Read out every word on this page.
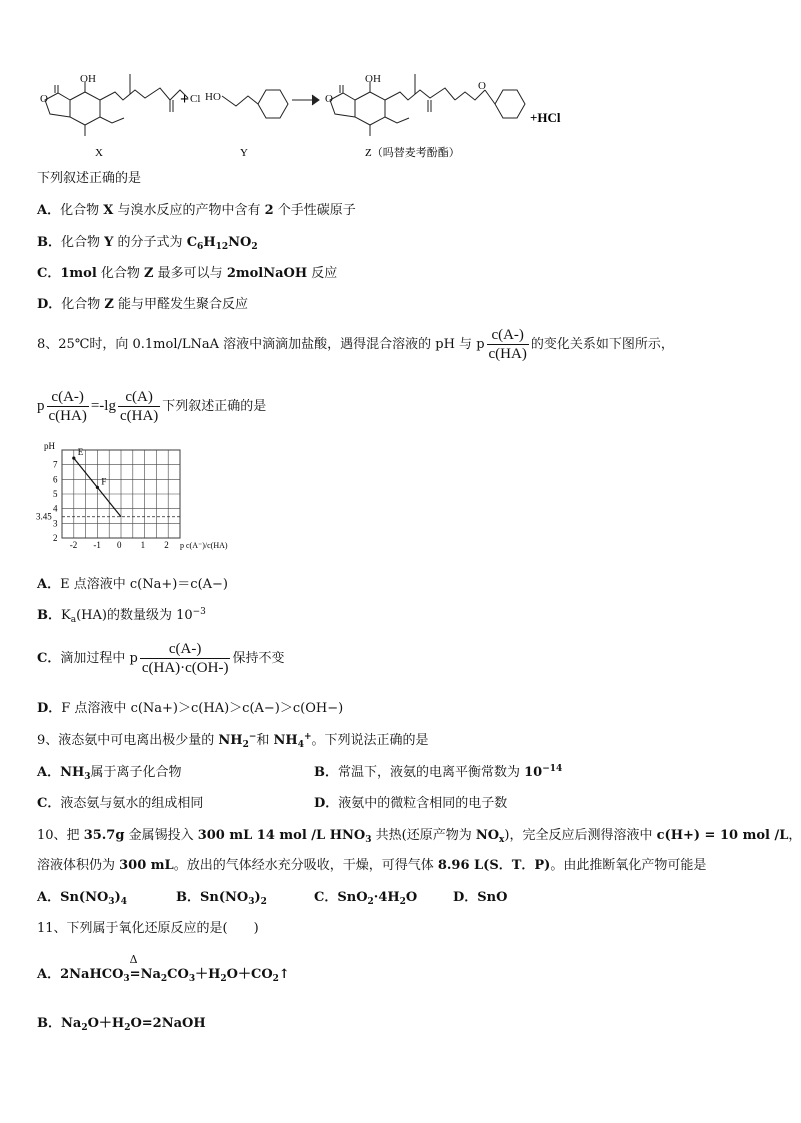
OH
O	Cl HO
OH
O
O
+
+HCl
X	Y	Z（吗替麦考酚酯）
下列叙述正确的是
A．化合物 X 与溴水反应的产物中含有 2 个手性碳原子
B．化合物 Y 的分子式为 $C_6H_{12}NO_2$
C．1mol 化合物 Z 最多可以与 2molNaOH 反应
D．化合物 Z 能与甲醛发生聚合反应
8、25℃时，向 0.1mol/LNaA 溶液中滴滴加盐酸，遇得混合溶液的 pH 与 p $\frac{c(A-)}{c(HA)}$ 的变化关系如下图所示，
p $\frac{c(A-)}{c(HA)} =-\lg \frac{c(A)}{c(HA)}$ 下列叙述正确的是
-2 -1 0 1 2
7
6
5
4
3
2
3.45
E
F
pH
p c(A⁻)/c(HA)
A．E 点溶液中 c(Na+)＝c(A−)
B．$K_a(HA)$的数量级为 $10^{-3}$
C．滴加过程中 p $\frac{c(A-)}{c(HA)\cdot c(OH-)}$ 保持不变
D．F 点溶液中 c(Na+)＞c(HA)＞c(A−)＞c(OH−)
9、液态氨中可电离出极少量的 $NH_2^-$和 $NH_4^+$。下列说法正确的是
A．$NH_3$属于离子化合物	B．常温下，液氨的电离平衡常数为 $10^{-14}$
C．液态氨与氨水的组成相同	D．液氨中的微粒含相同的电子数
10、把 35.7g 金属锡投入 300 mL 14 mol /L $HNO_3$ 共热(还原产物为 $NO_x$)，完全反应后测得溶液中 c(H+) = 10 mol /L，
溶液体积仍为 300 mL。放出的气体经水充分吸收，干燥，可得气体 8.96 L(S．T．P)。由此推断氧化产物可能是
A．$Sn(NO_3)_4$	B．$Sn(NO_3)_2$	C．$SnO_2\cdot 4H_2O$	D．SnO
11、下列属于氧化还原反应的是(　　)
A．2NaHCO$_3$
Δ
$=Na_2CO_3+H_2O+CO_2↑$
B．$Na_2O+H_2O=2NaOH$
